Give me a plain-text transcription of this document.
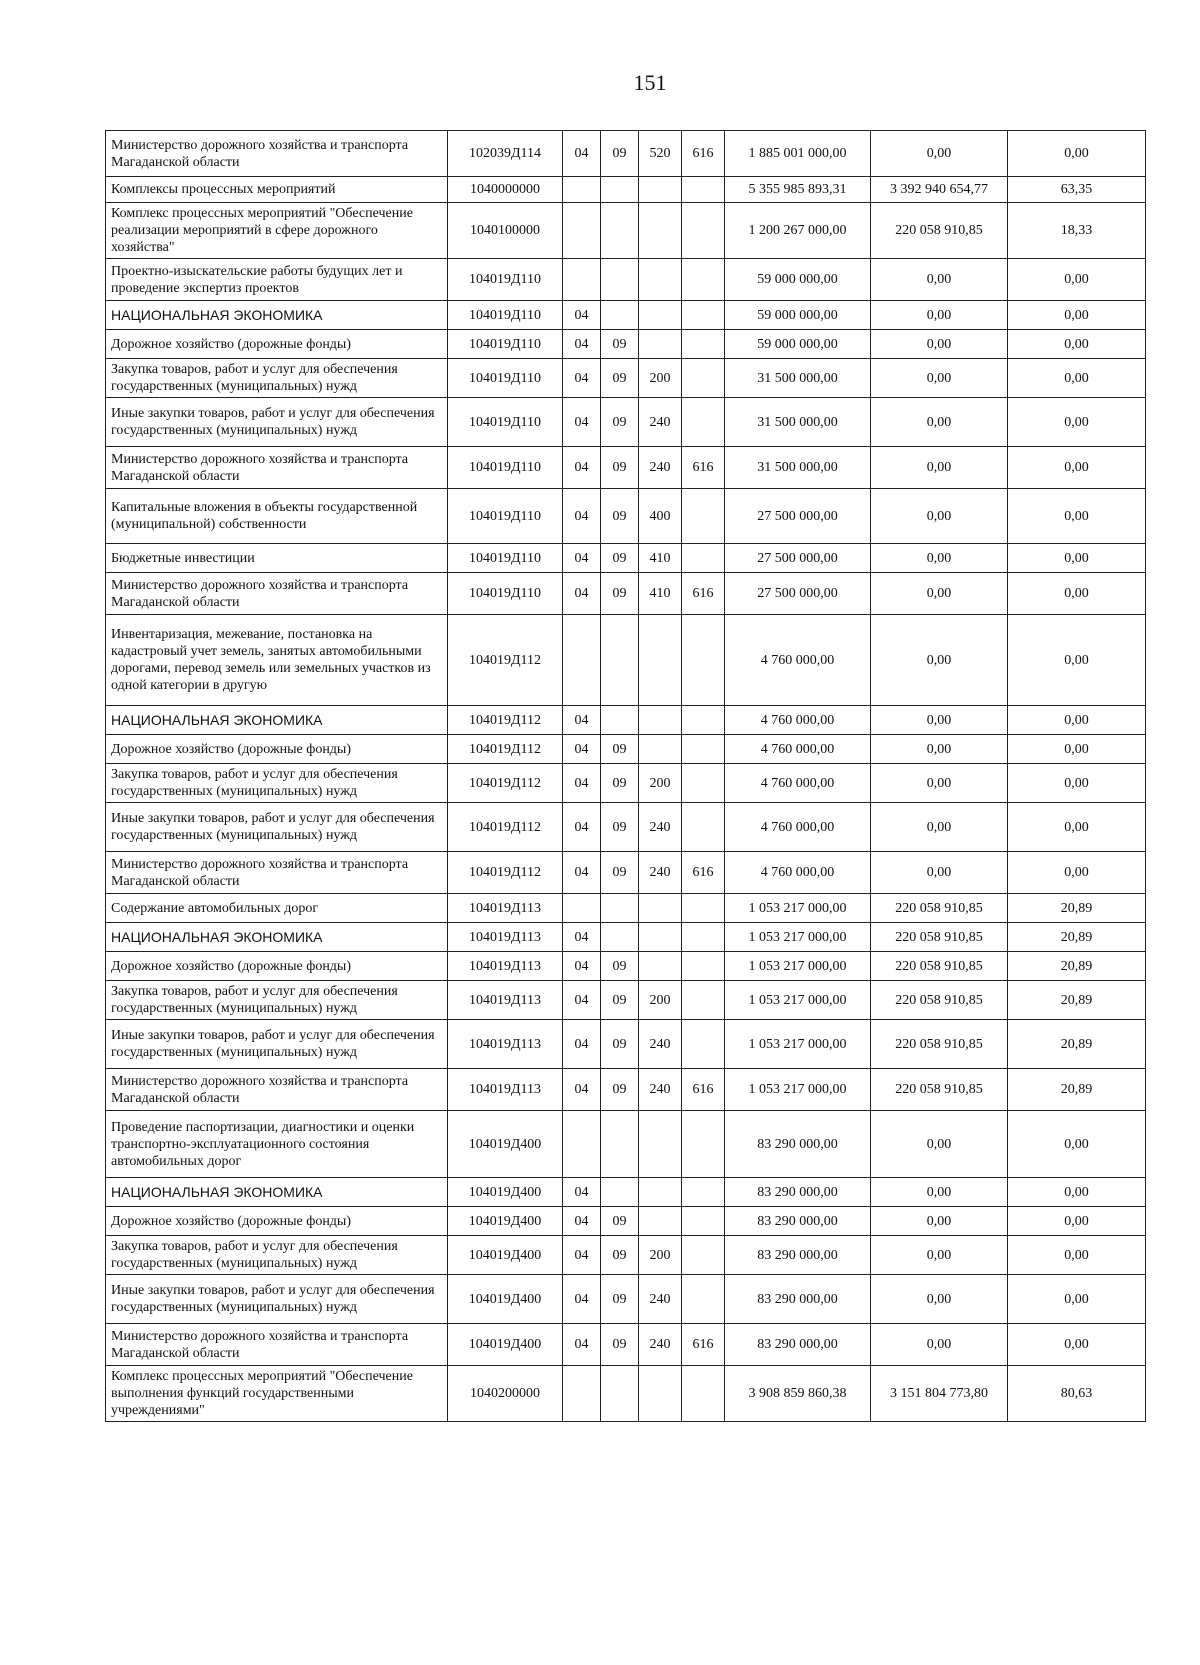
151
Министерство дорожного хозяйства и транспорта Магаданской области	102039Д114	04	09	520	616	1 885 001 000,00	0,00	0,00
Комплексы процессных мероприятий	1040000000					5 355 985 893,31	3 392 940 654,77	63,35
Комплекс процессных мероприятий "Обеспечение реализации мероприятий в сфере дорожного хозяйства"	1040100000					1 200 267 000,00	220 058 910,85	18,33
Проектно-изыскательские работы будущих лет и проведение экспертиз проектов	104019Д110					59 000 000,00	0,00	0,00
НАЦИОНАЛЬНАЯ ЭКОНОМИКА	104019Д110	04				59 000 000,00	0,00	0,00
Дорожное хозяйство (дорожные фонды)	104019Д110	04	09			59 000 000,00	0,00	0,00
Закупка товаров, работ и услуг для обеспечения государственных (муниципальных) нужд	104019Д110	04	09	200		31 500 000,00	0,00	0,00
Иные закупки товаров, работ и услуг для обеспечения государственных (муниципальных) нужд	104019Д110	04	09	240		31 500 000,00	0,00	0,00
Министерство дорожного хозяйства и транспорта Магаданской области	104019Д110	04	09	240	616	31 500 000,00	0,00	0,00
Капитальные вложения в объекты государственной (муниципальной) собственности	104019Д110	04	09	400		27 500 000,00	0,00	0,00
Бюджетные инвестиции	104019Д110	04	09	410		27 500 000,00	0,00	0,00
Министерство дорожного хозяйства и транспорта Магаданской области	104019Д110	04	09	410	616	27 500 000,00	0,00	0,00
Инвентаризация, межевание, постановка на кадастровый учет земель, занятых автомобильными дорогами, перевод земель или земельных участков из одной категории в другую	104019Д112					4 760 000,00	0,00	0,00
НАЦИОНАЛЬНАЯ ЭКОНОМИКА	104019Д112	04				4 760 000,00	0,00	0,00
Дорожное хозяйство (дорожные фонды)	104019Д112	04	09			4 760 000,00	0,00	0,00
Закупка товаров, работ и услуг для обеспечения государственных (муниципальных) нужд	104019Д112	04	09	200		4 760 000,00	0,00	0,00
Иные закупки товаров, работ и услуг для обеспечения государственных (муниципальных) нужд	104019Д112	04	09	240		4 760 000,00	0,00	0,00
Министерство дорожного хозяйства и транспорта Магаданской области	104019Д112	04	09	240	616	4 760 000,00	0,00	0,00
Содержание автомобильных дорог	104019Д113					1 053 217 000,00	220 058 910,85	20,89
НАЦИОНАЛЬНАЯ ЭКОНОМИКА	104019Д113	04				1 053 217 000,00	220 058 910,85	20,89
Дорожное хозяйство (дорожные фонды)	104019Д113	04	09			1 053 217 000,00	220 058 910,85	20,89
Закупка товаров, работ и услуг для обеспечения государственных (муниципальных) нужд	104019Д113	04	09	200		1 053 217 000,00	220 058 910,85	20,89
Иные закупки товаров, работ и услуг для обеспечения государственных (муниципальных) нужд	104019Д113	04	09	240		1 053 217 000,00	220 058 910,85	20,89
Министерство дорожного хозяйства и транспорта Магаданской области	104019Д113	04	09	240	616	1 053 217 000,00	220 058 910,85	20,89
Проведение паспортизации, диагностики и оценки транспортно-эксплуатационного состояния автомобильных дорог	104019Д400					83 290 000,00	0,00	0,00
НАЦИОНАЛЬНАЯ ЭКОНОМИКА	104019Д400	04				83 290 000,00	0,00	0,00
Дорожное хозяйство (дорожные фонды)	104019Д400	04	09			83 290 000,00	0,00	0,00
Закупка товаров, работ и услуг для обеспечения государственных (муниципальных) нужд	104019Д400	04	09	200		83 290 000,00	0,00	0,00
Иные закупки товаров, работ и услуг для обеспечения государственных (муниципальных) нужд	104019Д400	04	09	240		83 290 000,00	0,00	0,00
Министерство дорожного хозяйства и транспорта Магаданской области	104019Д400	04	09	240	616	83 290 000,00	0,00	0,00
Комплекс процессных мероприятий "Обеспечение выполнения функций государственными учреждениями"	1040200000					3 908 859 860,38	3 151 804 773,80	80,63
